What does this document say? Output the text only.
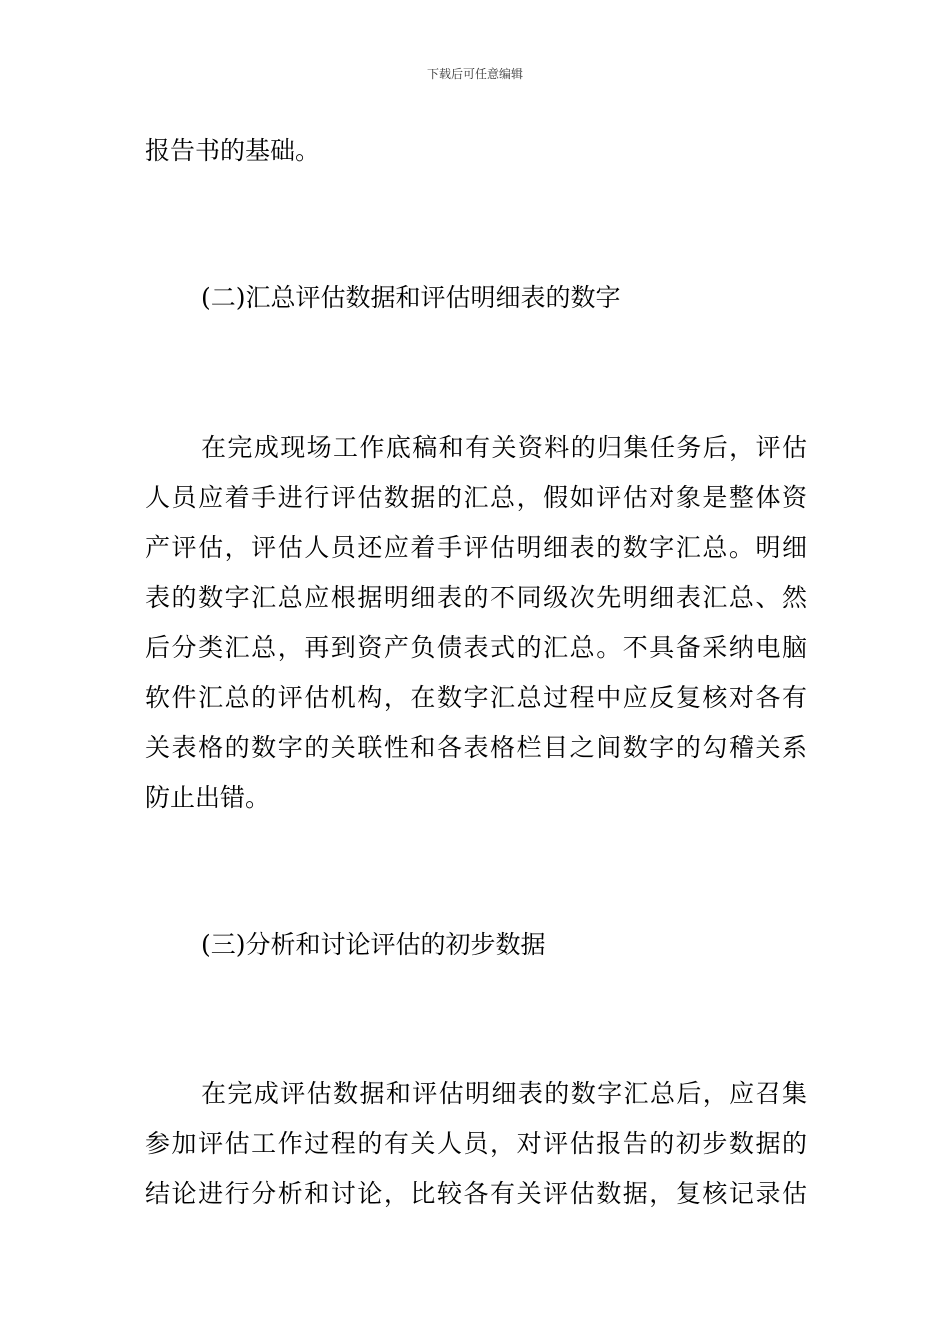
下载后可任意编辑
报告书的基础。
(二)汇总评估数据和评估明细表的数字
在完成现场工作底稿和有关资料的归集任务后，评估
人员应着手进行评估数据的汇总，假如评估对象是整体资
产评估，评估人员还应着手评估明细表的数字汇总。明细
表的数字汇总应根据明细表的不同级次先明细表汇总、然
后分类汇总，再到资产负债表式的汇总。不具备采纳电脑
软件汇总的评估机构，在数字汇总过程中应反复核对各有
关表格的数字的关联性和各表格栏目之间数字的勾稽关系
防止出错。
(三)分析和讨论评估的初步数据
在完成评估数据和评估明细表的数字汇总后，应召集
参加评估工作过程的有关人员，对评估报告的初步数据的
结论进行分析和讨论，比较各有关评估数据，复核记录估
